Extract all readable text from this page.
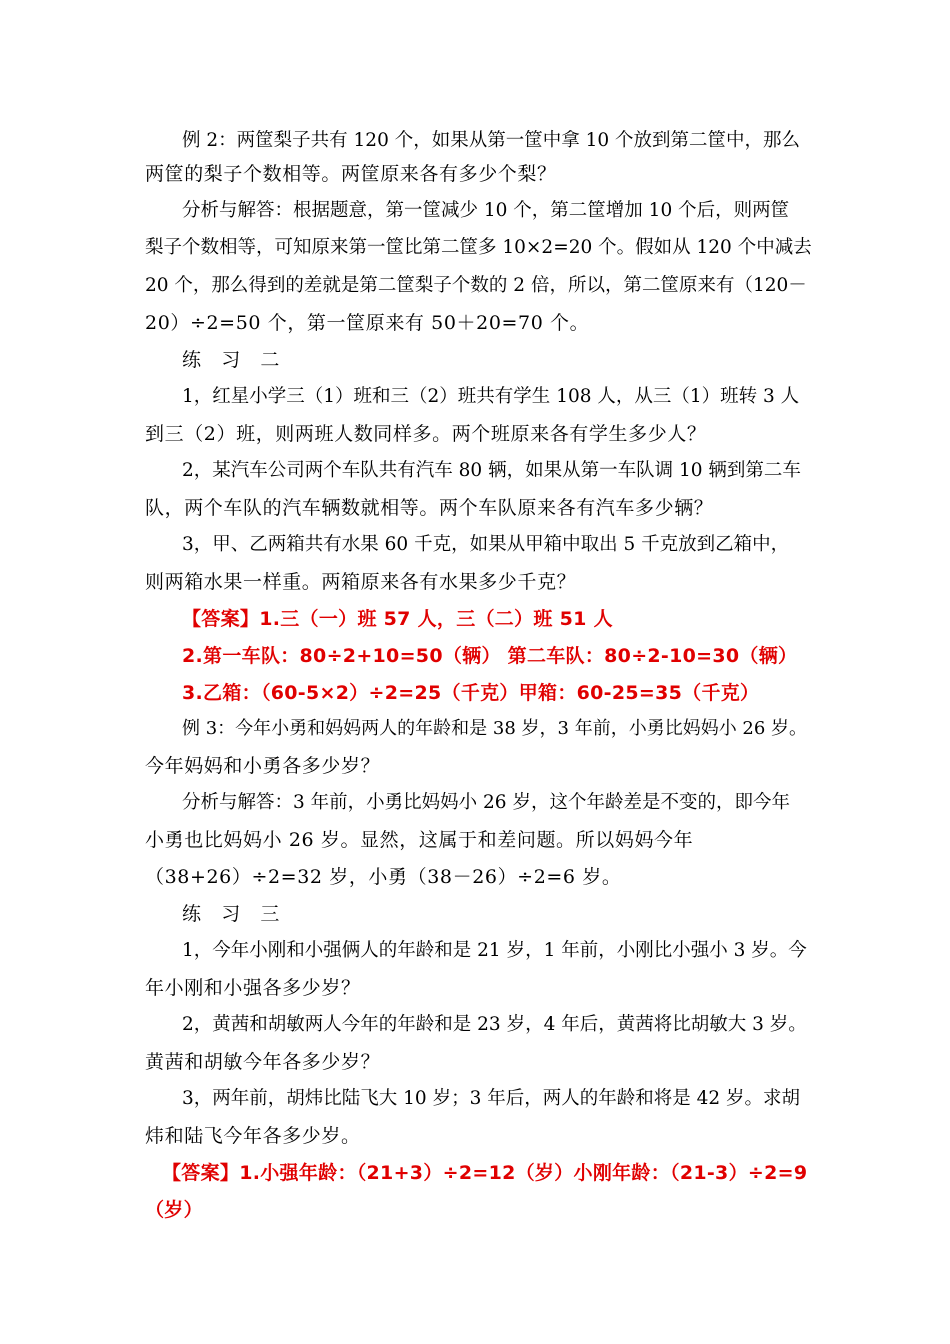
例 2：两筐梨子共有 120 个，如果从第一筐中拿 10 个放到第二筐中，那么
两筐的梨子个数相等。两筐原来各有多少个梨？
分析与解答：根据题意，第一筐减少 10 个，第二筐增加 10 个后，则两筐
梨子个数相等，可知原来第一筐比第二筐多 10×2=20 个。假如从 120 个中减去
20 个，那么得到的差就是第二筐梨子个数的 2 倍，所以，第二筐原来有（120－
20）÷2=50 个，第一筐原来有 50＋20=70 个。
练　习　二
1，红星小学三（1）班和三（2）班共有学生 108 人，从三（1）班转 3 人
到三（2）班，则两班人数同样多。两个班原来各有学生多少人？
2，某汽车公司两个车队共有汽车 80 辆，如果从第一车队调 10 辆到第二车
队，两个车队的汽车辆数就相等。两个车队原来各有汽车多少辆？
3，甲、乙两箱共有水果 60 千克，如果从甲箱中取出 5 千克放到乙箱中，
则两箱水果一样重。两箱原来各有水果多少千克？
【答案】1.三（一）班 57 人，三（二）班 51 人
2.第一车队：80÷2+10=50（辆） 第二车队：80÷2-10=30（辆）
3.乙箱：（60-5×2）÷2=25（千克）甲箱：60-25=35（千克）
例 3：今年小勇和妈妈两人的年龄和是 38 岁，3 年前，小勇比妈妈小 26 岁。
今年妈妈和小勇各多少岁？
分析与解答：3 年前，小勇比妈妈小 26 岁，这个年龄差是不变的，即今年
小勇也比妈妈小 26 岁。显然，这属于和差问题。所以妈妈今年
（38+26）÷2=32 岁，小勇（38－26）÷2=6 岁。
练　习　三
1，今年小刚和小强俩人的年龄和是 21 岁，1 年前，小刚比小强小 3 岁。今
年小刚和小强各多少岁？
2，黄茜和胡敏两人今年的年龄和是 23 岁，4 年后，黄茜将比胡敏大 3 岁。
黄茜和胡敏今年各多少岁？
3，两年前，胡炜比陆飞大 10 岁；3 年后，两人的年龄和将是 42 岁。求胡
炜和陆飞今年各多少岁。
【答案】1.小强年龄：（21+3）÷2=12（岁）小刚年龄：（21-3）÷2=9
（岁）
